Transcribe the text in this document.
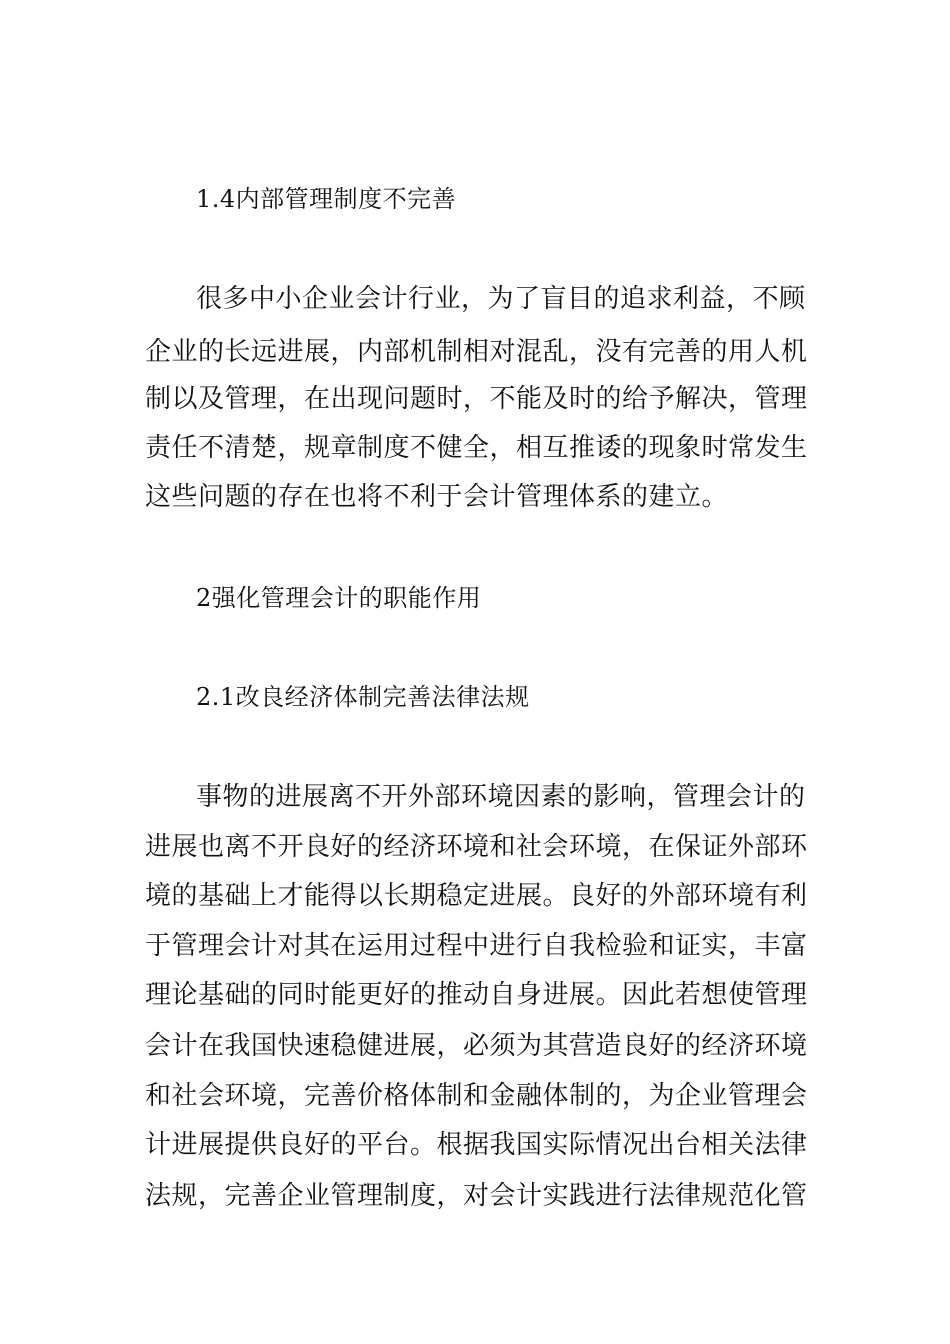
1.4内部管理制度不完善
很多中小企业会计行业，为了盲目的追求利益，不顾
企业的长远进展，内部机制相对混乱，没有完善的用人机
制以及管理，在出现问题时，不能及时的给予解决，管理
责任不清楚，规章制度不健全，相互推诿的现象时常发生
这些问题的存在也将不利于会计管理体系的建立。
2强化管理会计的职能作用
2.1改良经济体制完善法律法规
事物的进展离不开外部环境因素的影响，管理会计的
进展也离不开良好的经济环境和社会环境，在保证外部环
境的基础上才能得以长期稳定进展。良好的外部环境有利
于管理会计对其在运用过程中进行自我检验和证实，丰富
理论基础的同时能更好的推动自身进展。因此若想使管理
会计在我国快速稳健进展，必须为其营造良好的经济环境
和社会环境，完善价格体制和金融体制的，为企业管理会
计进展提供良好的平台。根据我国实际情况出台相关法律
法规，完善企业管理制度，对会计实践进行法律规范化管
